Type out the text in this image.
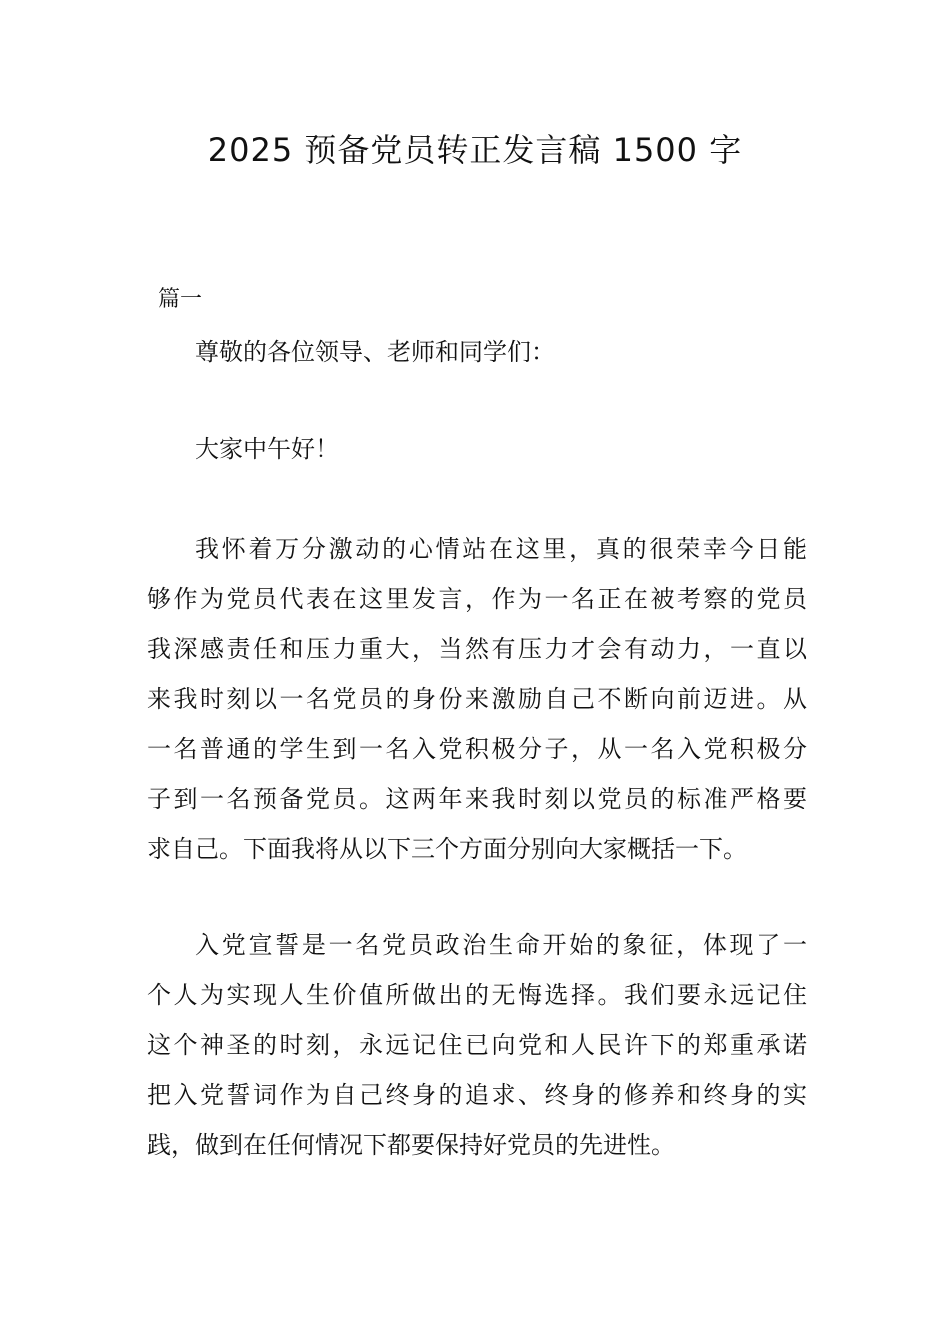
2025 预备党员转正发言稿 1500 字
篇一
尊敬的各位领导、老师和同学们：
大家中午好！
我怀着万分激动的心情站在这里，真的很荣幸今日能
够作为党员代表在这里发言，作为一名正在被考察的党员
我深感责任和压力重大，当然有压力才会有动力，一直以
来我时刻以一名党员的身份来激励自己不断向前迈进。从
一名普通的学生到一名入党积极分子，从一名入党积极分
子到一名预备党员。这两年来我时刻以党员的标准严格要
求自己。下面我将从以下三个方面分别向大家概括一下。
入党宣誓是一名党员政治生命开始的象征，体现了一
个人为实现人生价值所做出的无悔选择。我们要永远记住
这个神圣的时刻，永远记住已向党和人民许下的郑重承诺
把入党誓词作为自己终身的追求、终身的修养和终身的实
践，做到在任何情况下都要保持好党员的先进性。
